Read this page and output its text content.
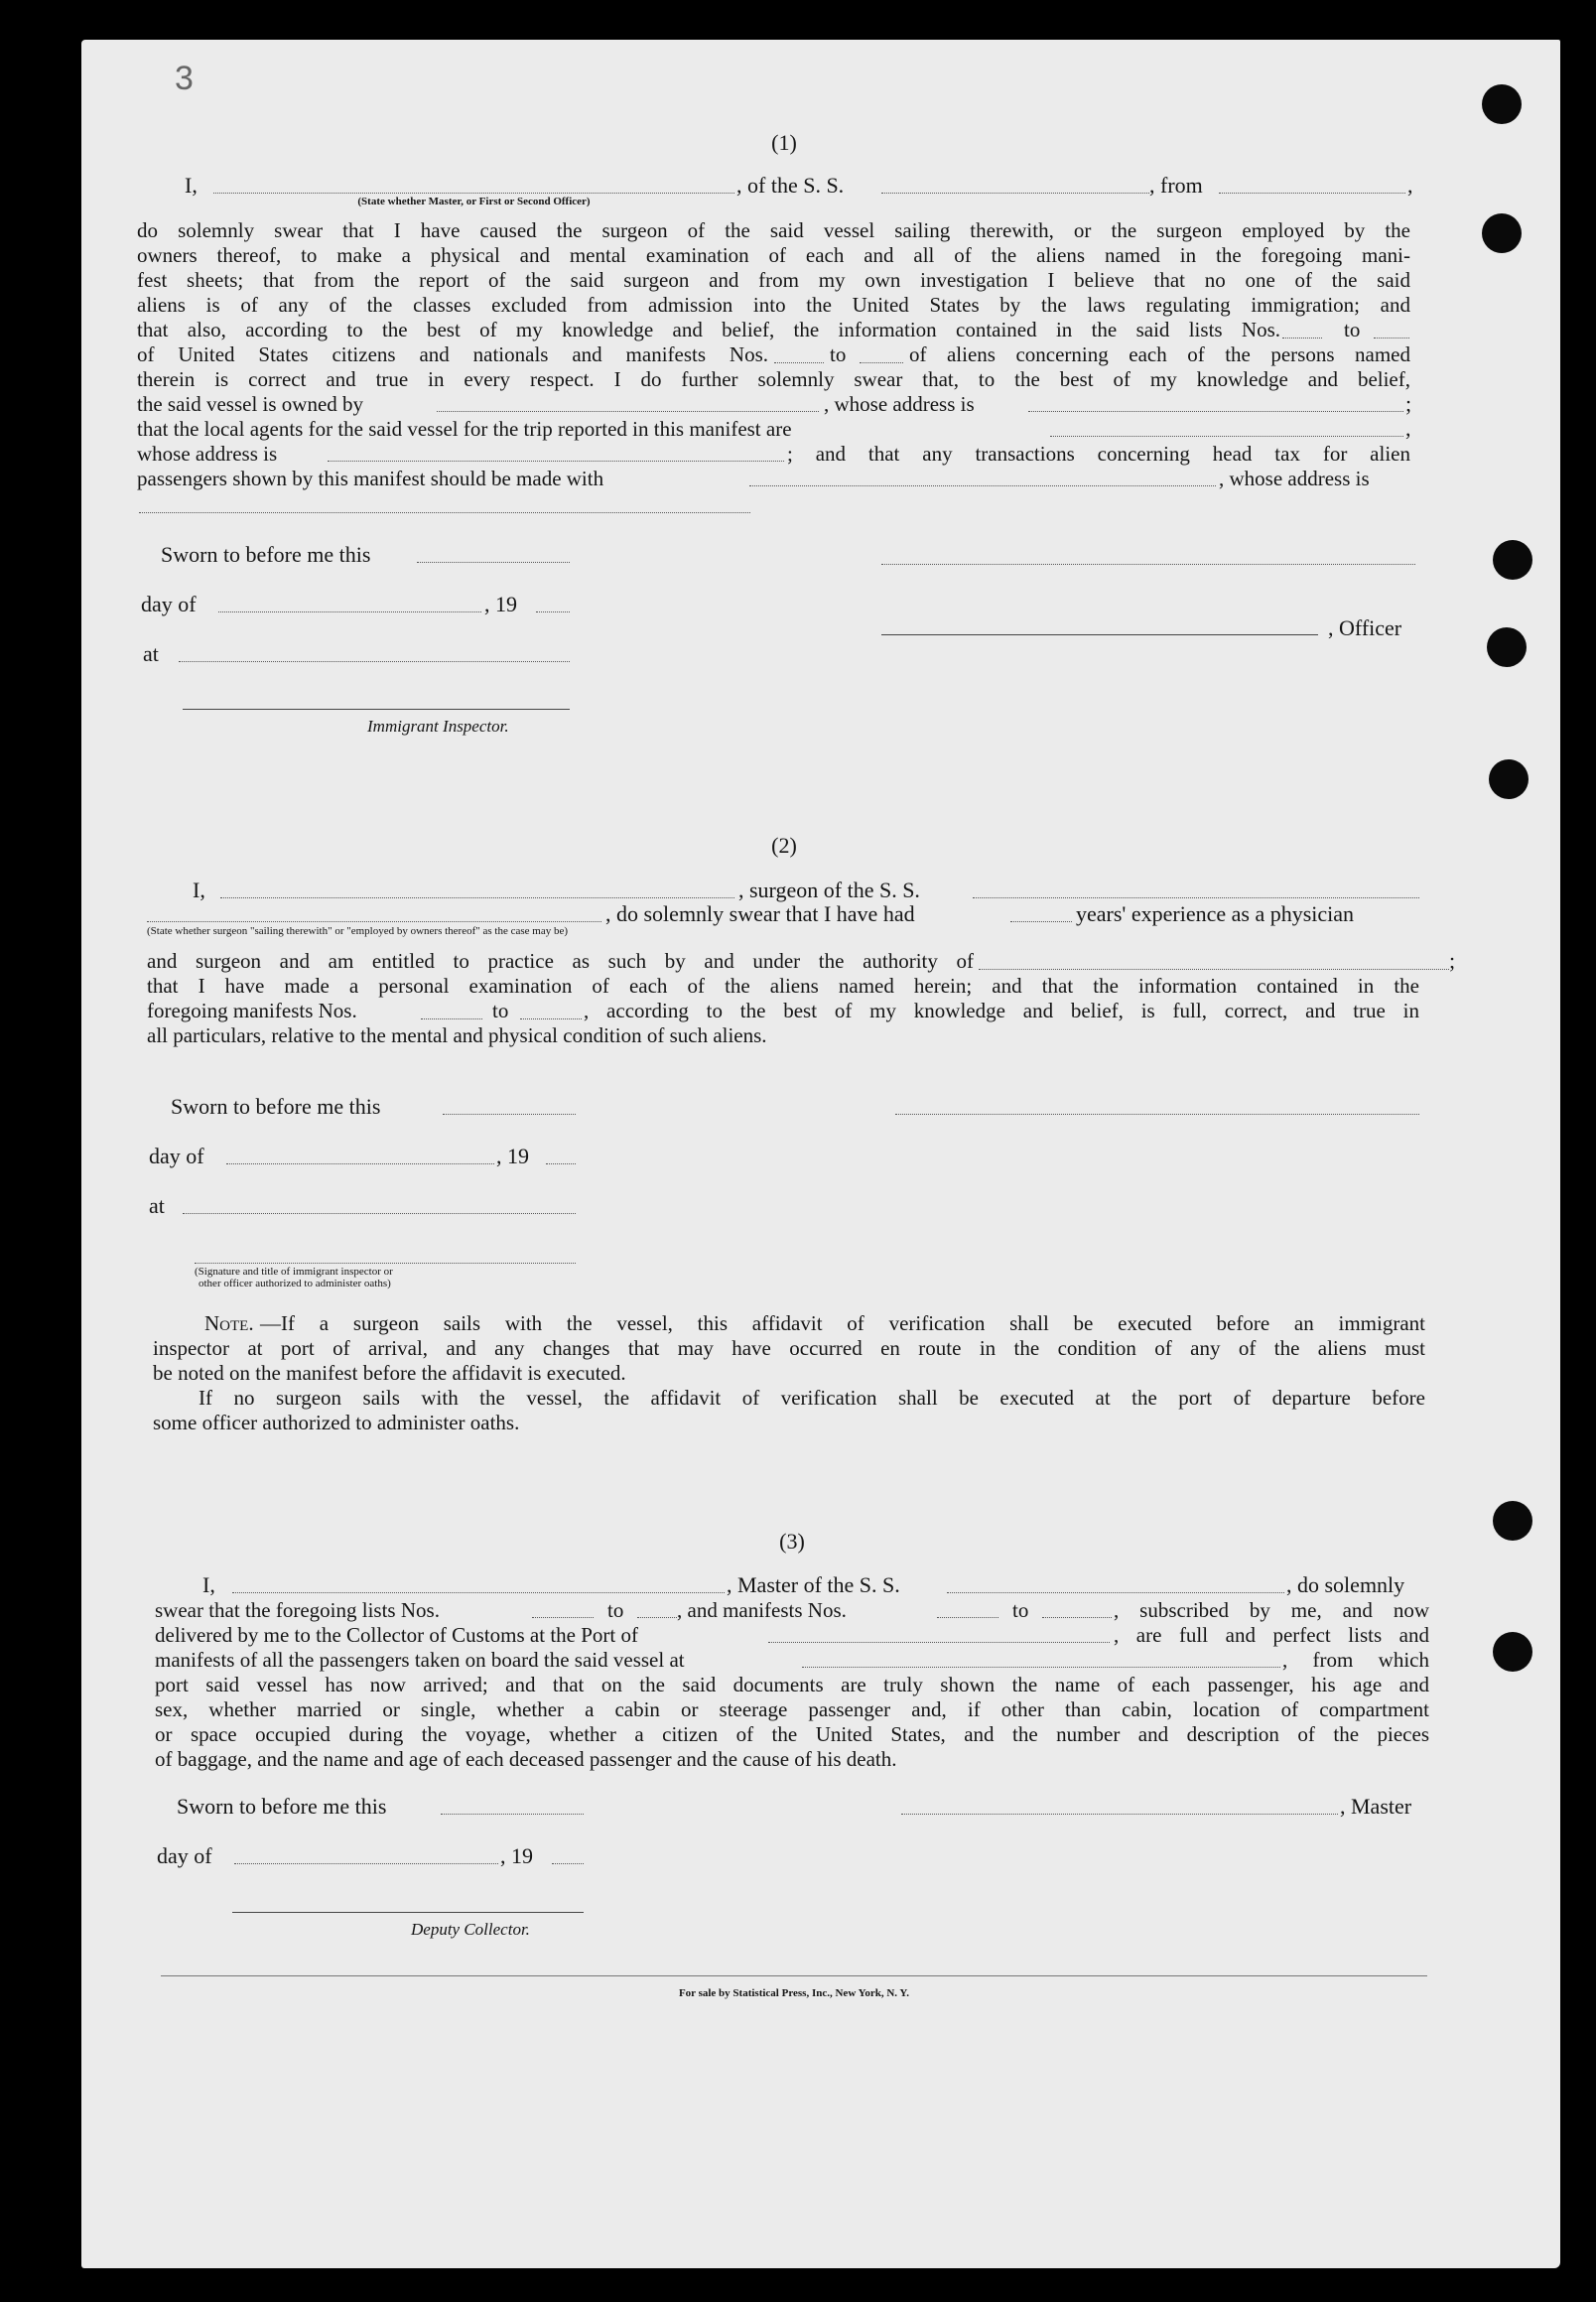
3
(1)
I,	, of the S. S.	, from	,
(State whether Master, or First or Second Officer)
do solemnly swear that I have caused the surgeon of the said vessel sailing therewith, or the surgeon employed by the
owners thereof, to make a physical and mental examination of each and all of the aliens named in the foregoing mani-
fest sheets; that from the report of the said surgeon and from my own investigation I believe that no one of the said
aliens is of any of the classes excluded from admission into the United States by the laws regulating immigration; and
that also, according to the best of my knowledge and belief, the information contained in the said lists Nos.	to
of United States citizens and nationals and manifests Nos.	to	of aliens concerning each of the persons named
therein is correct and true in every respect. I do further solemnly swear that, to the best of my knowledge and belief,
the said vessel is owned by	, whose address is	;
that the local agents for the said vessel for the trip reported in this manifest are	,
whose address is	; and that any transactions concerning head tax for alien
passengers shown by this manifest should be made with	, whose address is
Sworn to before me this
day of	, 19
, Officer
at
Immigrant Inspector.
(2)
I,	, surgeon of the S. S.
, do solemnly swear that I have had	years' experience as a physician
(State whether surgeon "sailing therewith" or "employed by owners thereof" as the case may be)
and surgeon and am entitled to practice as such by and under the authority of	;
that I have made a personal examination of each of the aliens named herein; and that the information contained in the
foregoing manifests Nos.	to	, according to the best of my knowledge and belief, is full, correct, and true in
all particulars, relative to the mental and physical condition of such aliens.
Sworn to before me this
day of	, 19
at
(Signature and title of immigrant inspector or
other officer authorized to administer oaths)
Note. —If a surgeon sails with the vessel, this affidavit of verification shall be executed before an immigrant
inspector at port of arrival, and any changes that may have occurred en route in the condition of any of the aliens must
be noted on the manifest before the affidavit is executed.
If no surgeon sails with the vessel, the affidavit of verification shall be executed at the port of departure before
some officer authorized to administer oaths.
(3)
I,	, Master of the S. S.	, do solemnly
swear that the foregoing lists Nos.	to	, and manifests Nos.	to	, subscribed by me, and now
delivered by me to the Collector of Customs at the Port of	, are full and perfect lists and
manifests of all the passengers taken on board the said vessel at	, from which
port said vessel has now arrived; and that on the said documents are truly shown the name of each passenger, his age and
sex, whether married or single, whether a cabin or steerage passenger and, if other than cabin, location of compartment
or space occupied during the voyage, whether a citizen of the United States, and the number and description of the pieces
of baggage, and the name and age of each deceased passenger and the cause of his death.
Sworn to before me this	, Master
day of	, 19
Deputy Collector.
For sale by Statistical Press, Inc., New York, N. Y.
